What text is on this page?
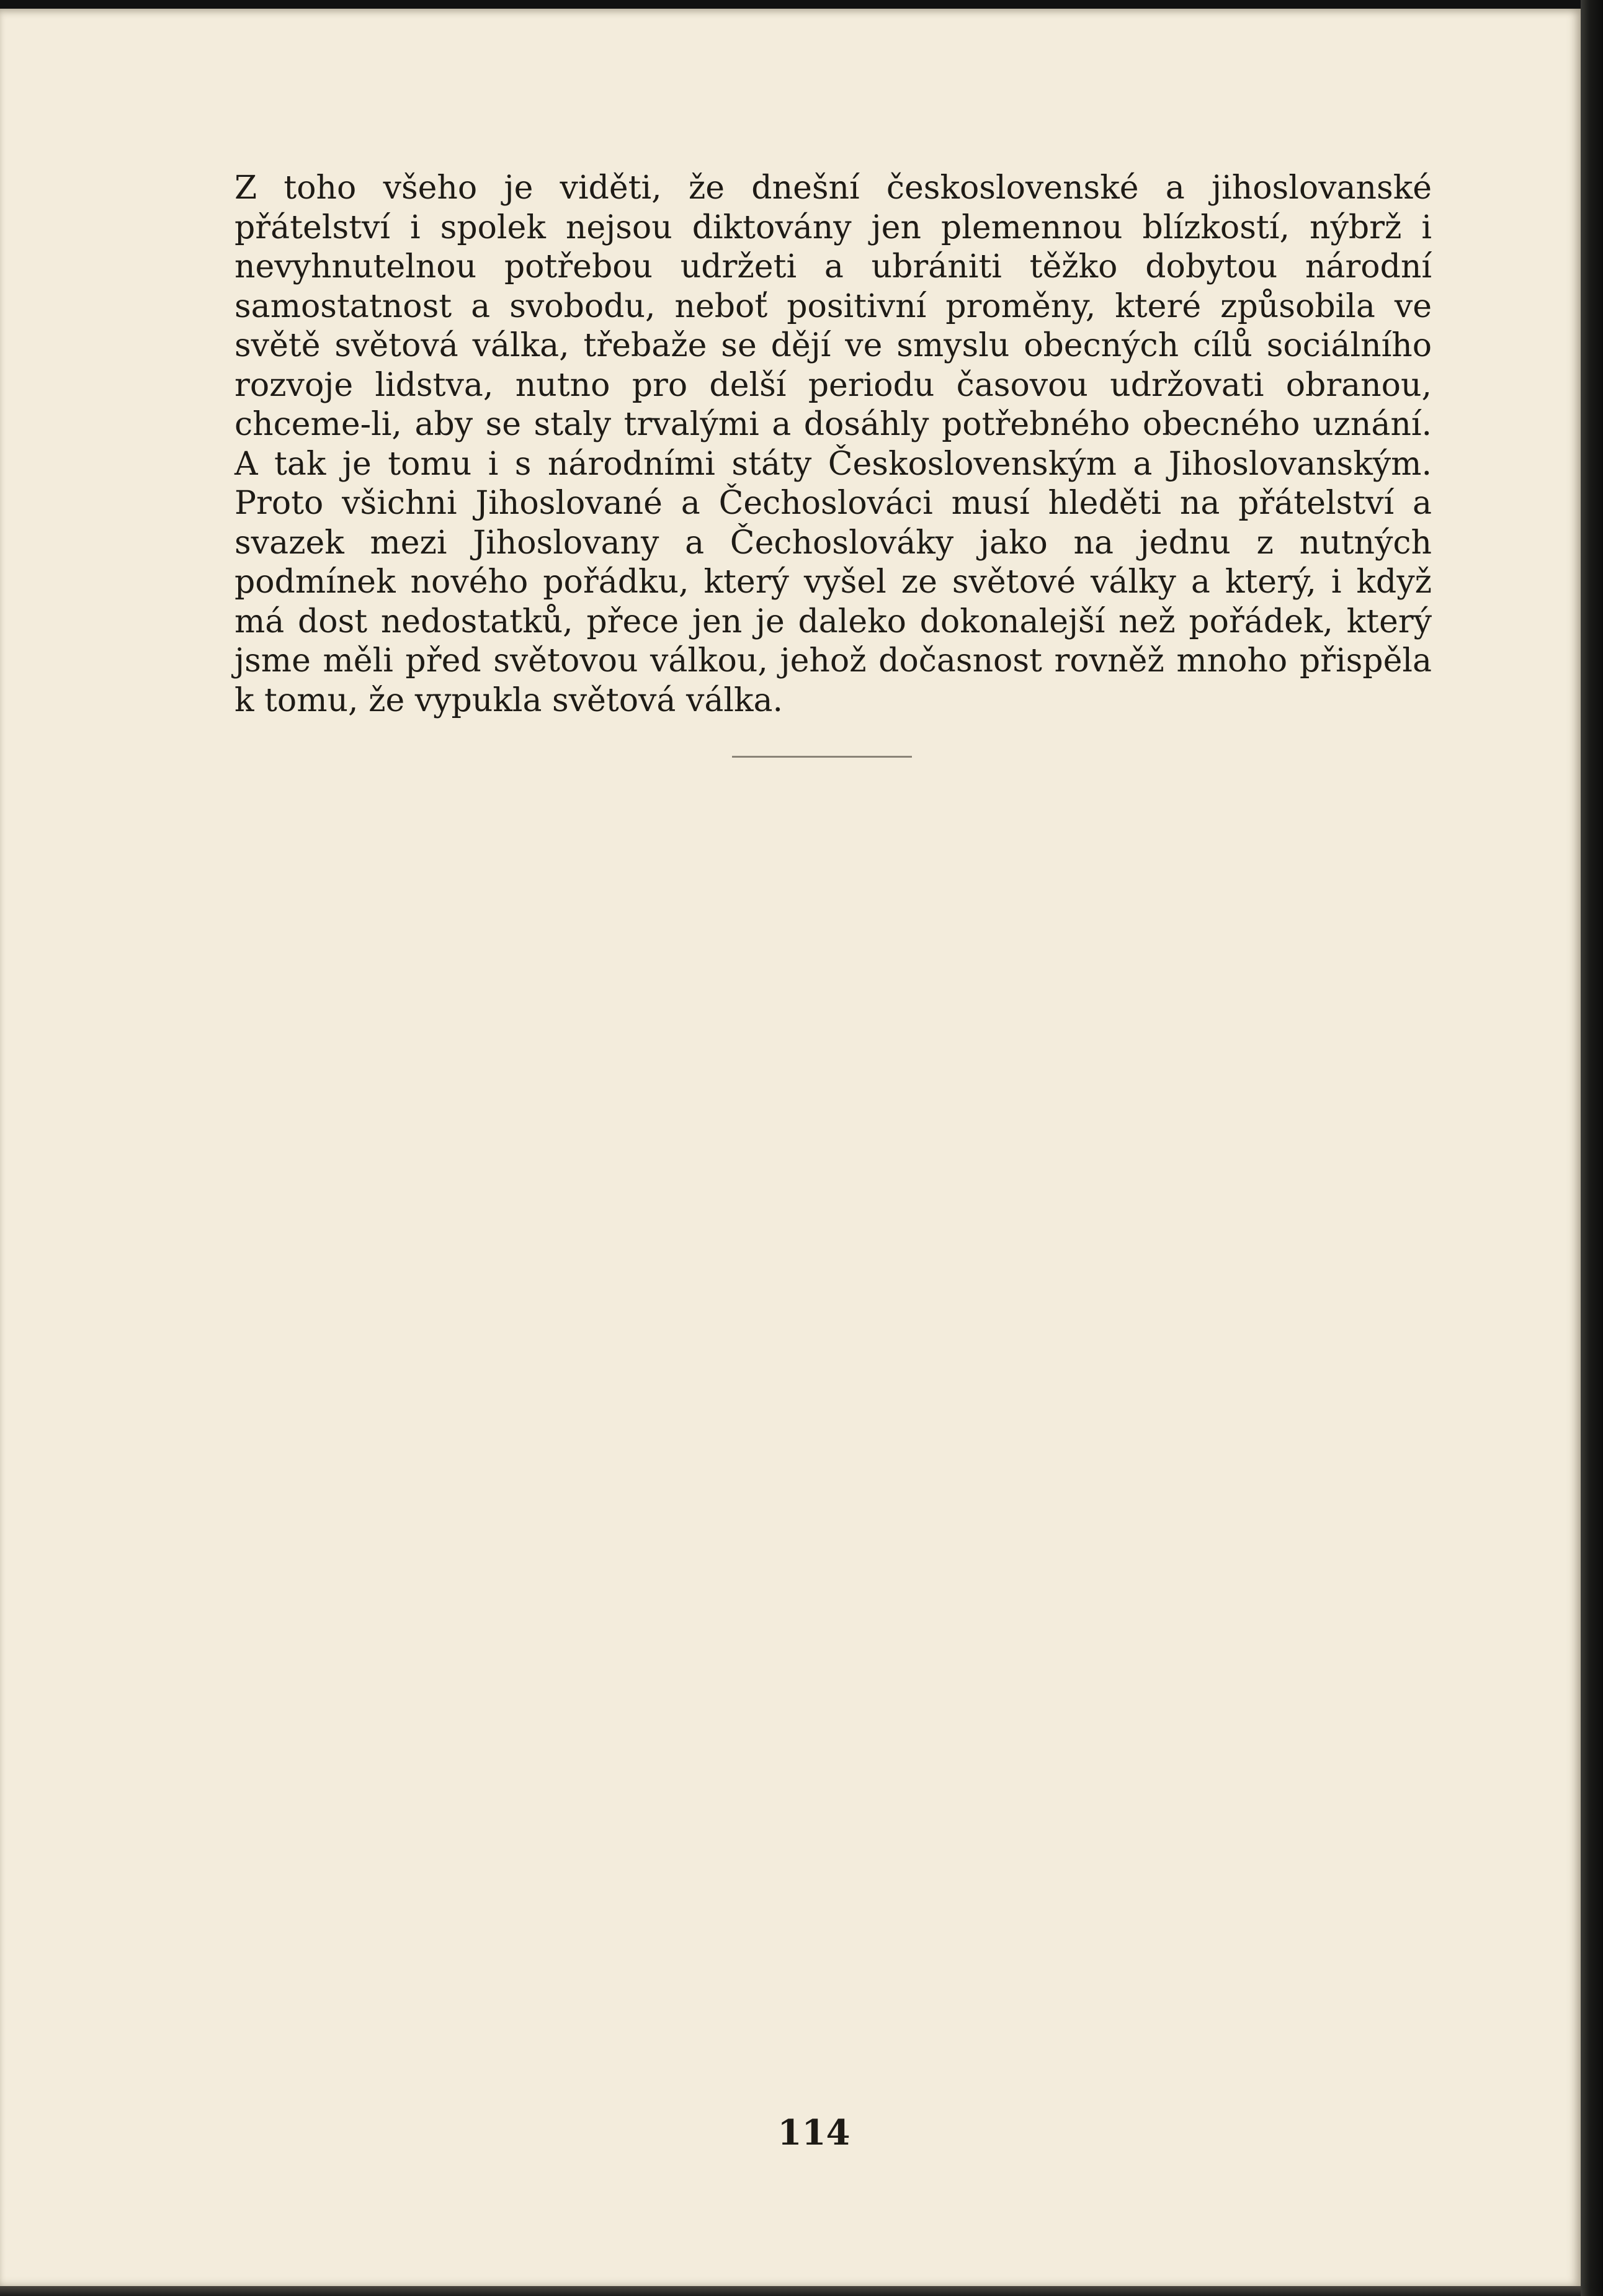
Z toho všeho je viděti, že dnešní československé a jihoslovanské přátelství i spolek nejsou diktovány jen plemennou blízkostí, nýbrž i nevyhnutelnou potřebou udržeti a ubrániti těžko dobytou národní samostatnost a svobodu, neboť positivní proměny, které způsobila ve světě světová válka, třebaže se dějí ve smyslu obecných cílů sociálního rozvoje lidstva, nutno pro delší periodu časovou udržovati obranou, chceme-li, aby se staly trvalými a dosáhly potřebného obecného uznání. A tak je tomu i s národními státy Československým a Jihoslovanským. Proto všichni Jihoslované a Čechoslováci musí hleděti na přátelství a svazek mezi Jihoslovany a Čechoslováky jako na jednu z nutných podmínek nového pořádku, který vyšel ze světové války a který, i když má dost nedostatků, přece jen je daleko dokonalejší než pořádek, který jsme měli před světovou válkou, jehož dočasnost rovněž mnoho přispěla k tomu, že vypukla světová válka.

114
